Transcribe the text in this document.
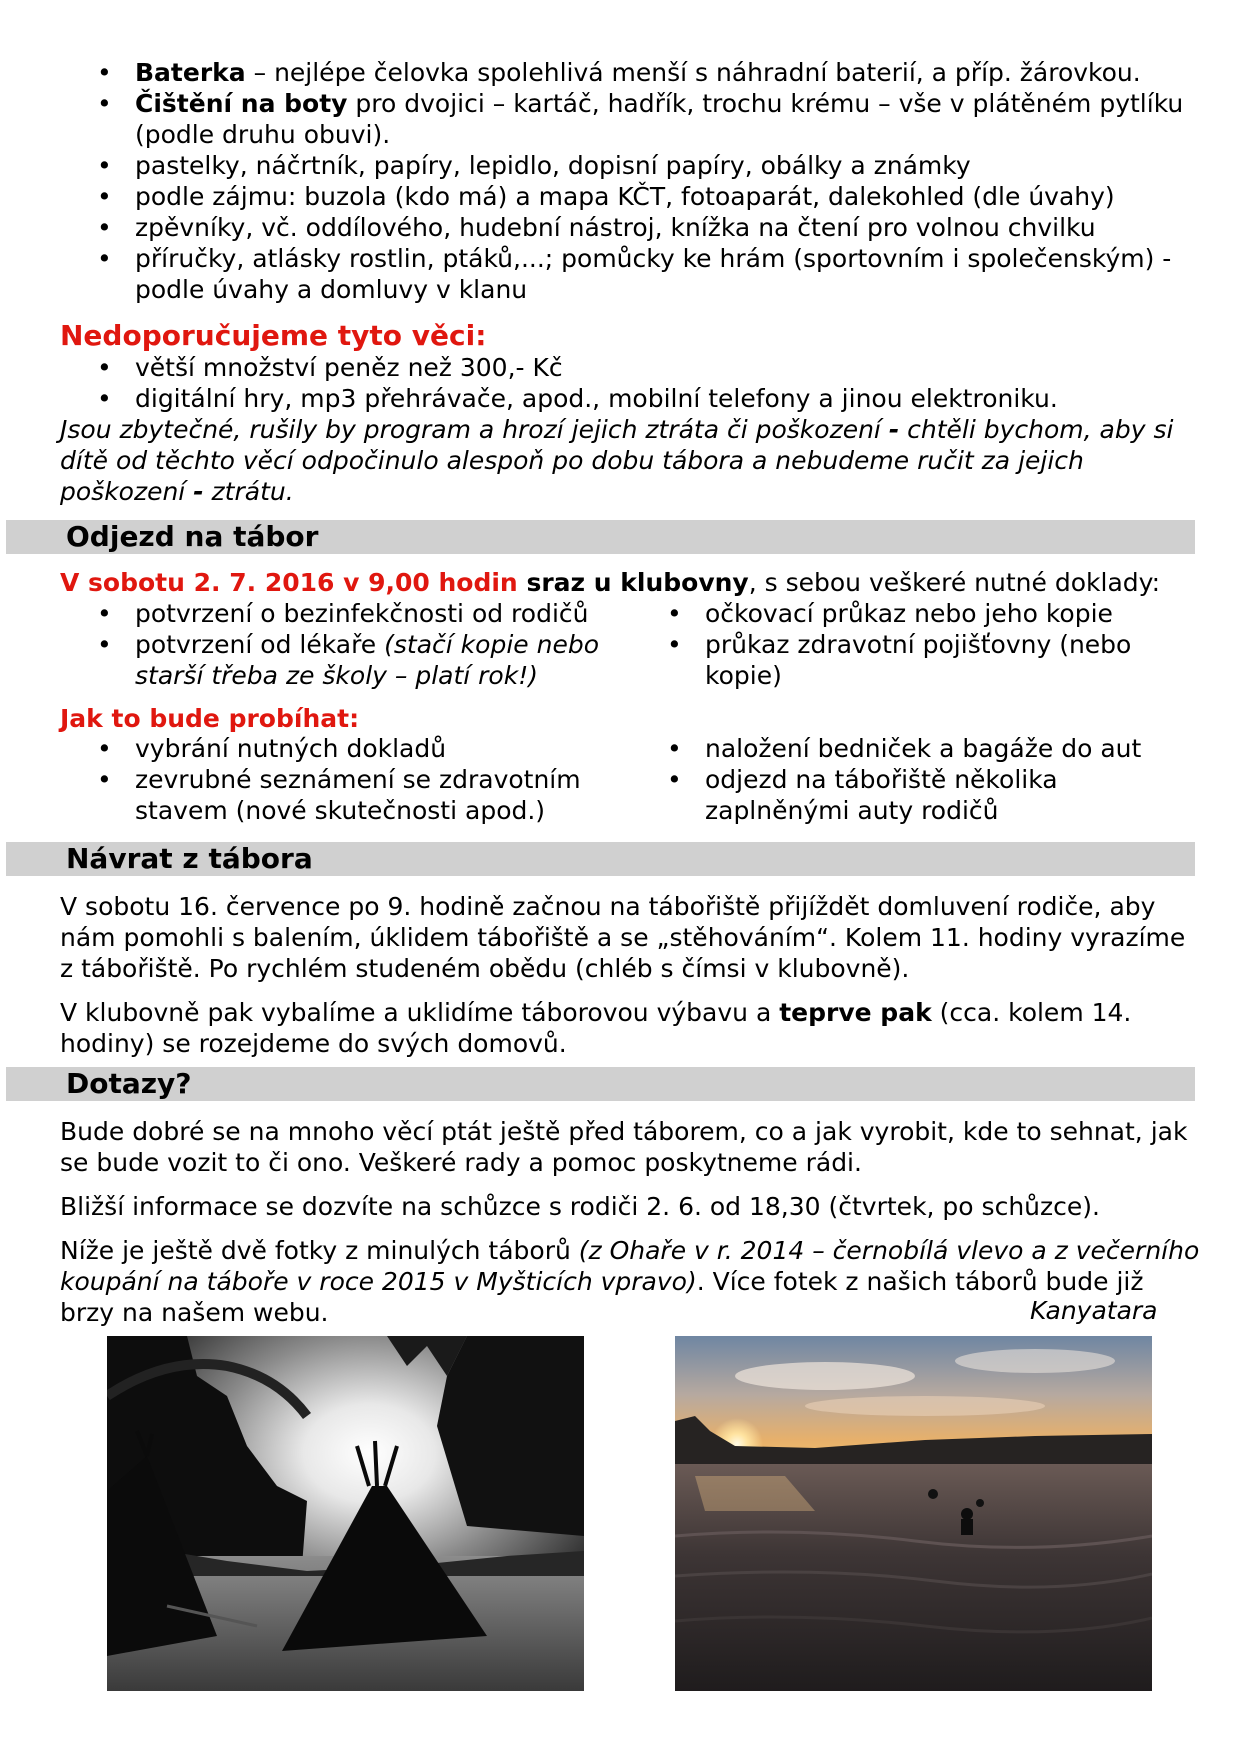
• Baterka – nejlépe čelovka spolehlivá menší s náhradní baterií, a příp. žárovkou.
• Čištění na boty pro dvojici – kartáč, hadřík, trochu krému – vše v plátěném pytlíku (podle druhu obuvi).
• pastelky, náčrtník, papíry, lepidlo, dopisní papíry, obálky a známky
• podle zájmu: buzola (kdo má) a mapa KČT, fotoaparát, dalekohled (dle úvahy)
• zpěvníky, vč. oddílového, hudební nástroj, knížka na čtení pro volnou chvilku
• příručky, atlásky rostlin, ptáků,...; pomůcky ke hrám (sportovním i společenským) - podle úvahy a domluvy v klanu
Nedoporučujeme tyto věci:
• větší množství peněz než 300,- Kč
• digitální hry, mp3 přehrávače, apod., mobilní telefony a jinou elektroniku.
Jsou zbytečné, rušily by program a hrozí jejich ztráta či poškození - chtěli bychom, aby si dítě od těchto věcí odpočinulo alespoň po dobu tábora a nebudeme ručit za jejich poškození - ztrátu.
Odjezd na tábor
V sobotu 2. 7. 2016 v 9,00 hodin sraz u klubovny, s sebou veškeré nutné doklady:
• potvrzení o bezinfekčnosti od rodičů
• potvrzení od lékaře (stačí kopie nebo starší třeba ze školy – platí rok!)
• očkovací průkaz nebo jeho kopie
• průkaz zdravotní pojišťovny (nebo kopie)
Jak to bude probíhat:
• vybrání nutných dokladů
• zevrubné seznámení se zdravotním stavem (nové skutečnosti apod.)
• naložení bedniček a bagáže do aut
• odjezd na tábořiště několika zaplněnými auty rodičů
Návrat z tábora

V sobotu 16. července po 9. hodině začnou na tábořiště přijíždět domluvení rodiče, aby nám pomohli s balením, úklidem tábořiště a se „stěhováním“. Kolem 11. hodiny vyrazíme z tábořiště. Po rychlém studeném obědu (chléb s čímsi v klubovně).

V klubovně pak vybalíme a uklidíme táborovou výbavu a teprve pak (cca. kolem 14. hodiny) se rozejdeme do svých domovů.

Dotazy?

Bude dobré se na mnoho věcí ptát ještě před táborem, co a jak vyrobit, kde to sehnat, jak se bude vozit to či ono. Veškeré rady a pomoc poskytneme rádi.

Bližší informace se dozvíte na schůzce s rodiči 2. 6. od 18,30 (čtvrtek, po schůzce).

Níže je ještě dvě fotky z minulých táborů (z Ohaře v r. 2014 – černobílá vlevo a z večerního koupání na táboře v roce 2015 v Myšticích vpravo). Více fotek z našich táborů bude již brzy na našem webu.	Kanyatara
